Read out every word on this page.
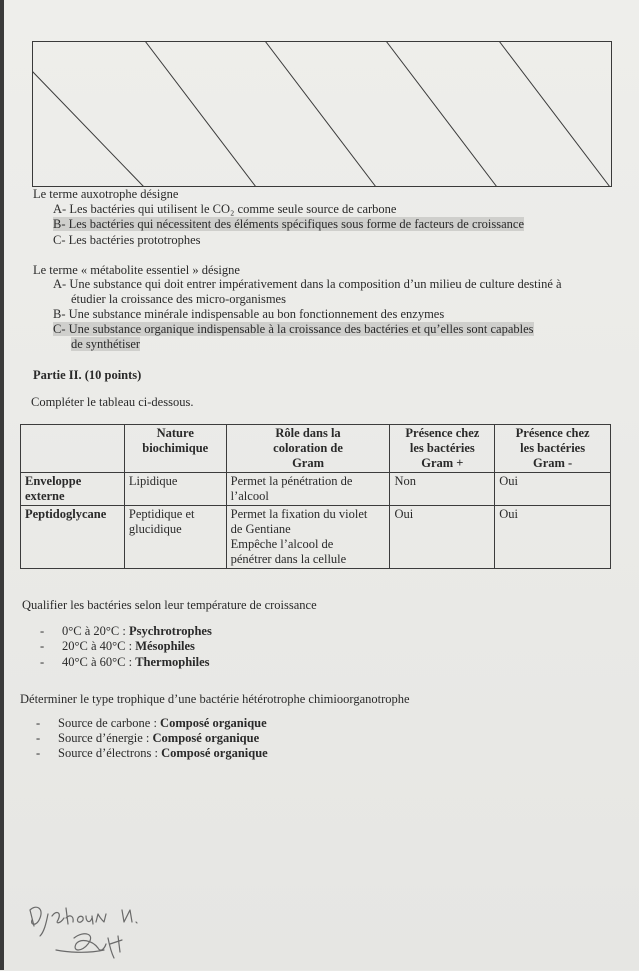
Le terme auxotrophe désigne
A- Les bactéries qui utilisent le CO₂ comme seule source de carbone
B- Les bactéries qui nécessitent des éléments spécifiques sous forme de facteurs de croissance
C- Les bactéries prototrophes
Le terme « métabolite essentiel » désigne
A- Une substance qui doit entrer impérativement dans la composition d’un milieu de culture destiné à
étudier la croissance des micro-organismes
B- Une substance minérale indispensable au bon fonctionnement des enzymes
C- Une substance organique indispensable à la croissance des bactéries et qu’elles sont capables
de synthétiser
Partie II. (10 points)
Compléter le tableau ci-dessous.

	Nature
biochimique	Rôle dans la
coloration de
Gram	Présence chez
les bactéries
Gram +	Présence chez
les bactéries
Gram -

Enveloppe
externe	Lipidique	Permet la pénétration de
l’alcool	Non	Oui

Peptidoglycane	Peptidique et
glucidique	Permet la fixation du violet
de Gentiane
Empêche l’alcool de
pénétrer dans la cellule	Oui	Oui
Qualifier les bactéries selon leur température de croissance
- 0°C à 20°C : Psychrotrophes
- 20°C à 40°C : Mésophiles
- 40°C à 60°C : Thermophiles
Déterminer le type trophique d’une bactérie hétérotrophe chimioorganotrophe
- Source de carbone : Composé organique
- Source d’énergie : Composé organique
- Source d’électrons : Composé organique
